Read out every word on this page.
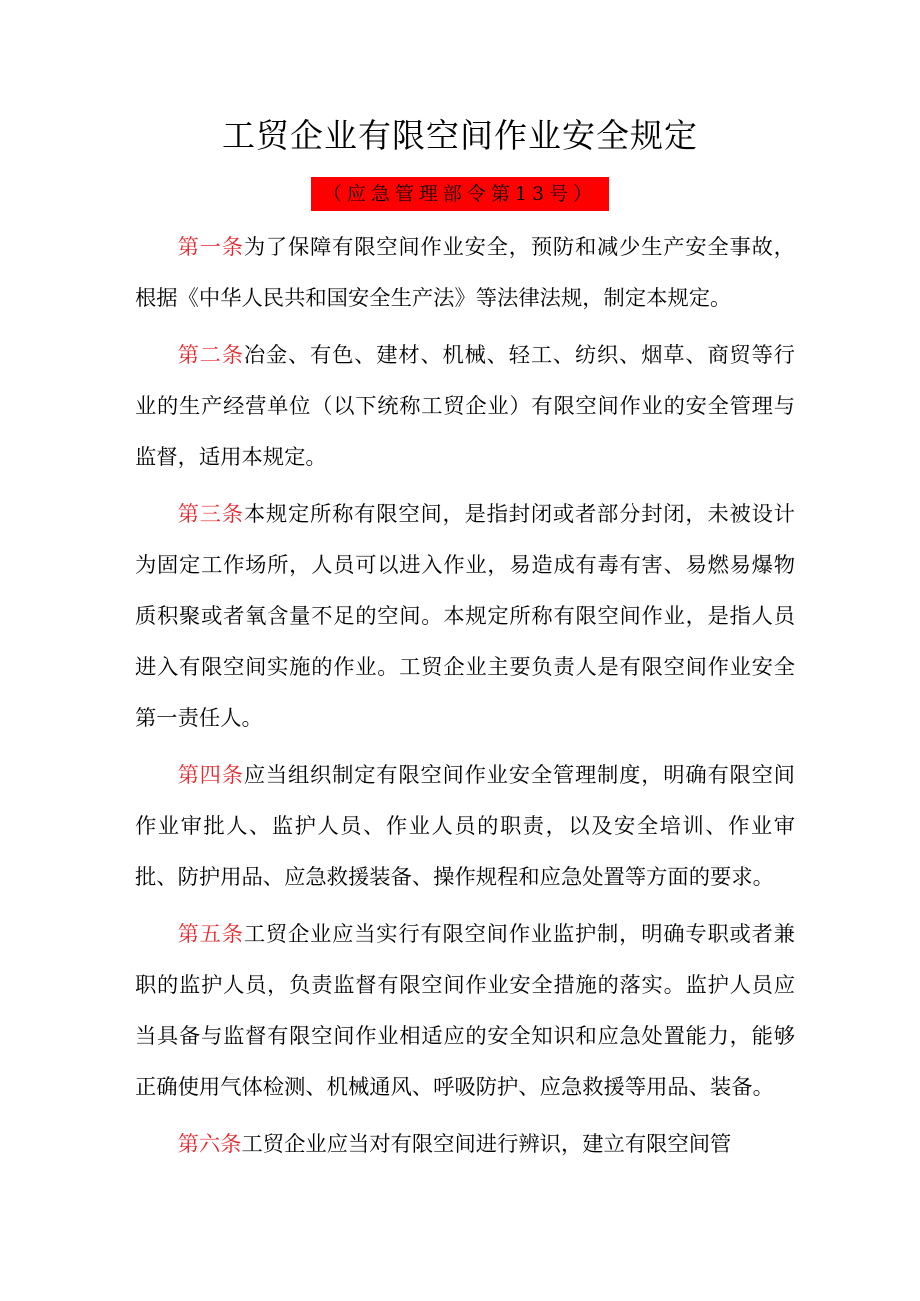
工贸企业有限空间作业安全规定
（应急管理部令第13号）

第一条为了保障有限空间作业安全，预防和减少生产安全事故，根据《中华人民共和国安全生产法》等法律法规，制定本规定。

第二条冶金、有色、建材、机械、轻工、纺织、烟草、商贸等行业的生产经营单位（以下统称工贸企业）有限空间作业的安全管理与监督，适用本规定。

第三条本规定所称有限空间，是指封闭或者部分封闭，未被设计为固定工作场所，人员可以进入作业，易造成有毒有害、易燃易爆物质积聚或者氧含量不足的空间。本规定所称有限空间作业，是指人员进入有限空间实施的作业。工贸企业主要负责人是有限空间作业安全第一责任人。

第四条应当组织制定有限空间作业安全管理制度，明确有限空间作业审批人、监护人员、作业人员的职责，以及安全培训、作业审批、防护用品、应急救援装备、操作规程和应急处置等方面的要求。

第五条工贸企业应当实行有限空间作业监护制，明确专职或者兼职的监护人员，负责监督有限空间作业安全措施的落实。监护人员应当具备与监督有限空间作业相适应的安全知识和应急处置能力，能够正确使用气体检测、机械通风、呼吸防护、应急救援等用品、装备。

第六条工贸企业应当对有限空间进行辨识，建立有限空间管
